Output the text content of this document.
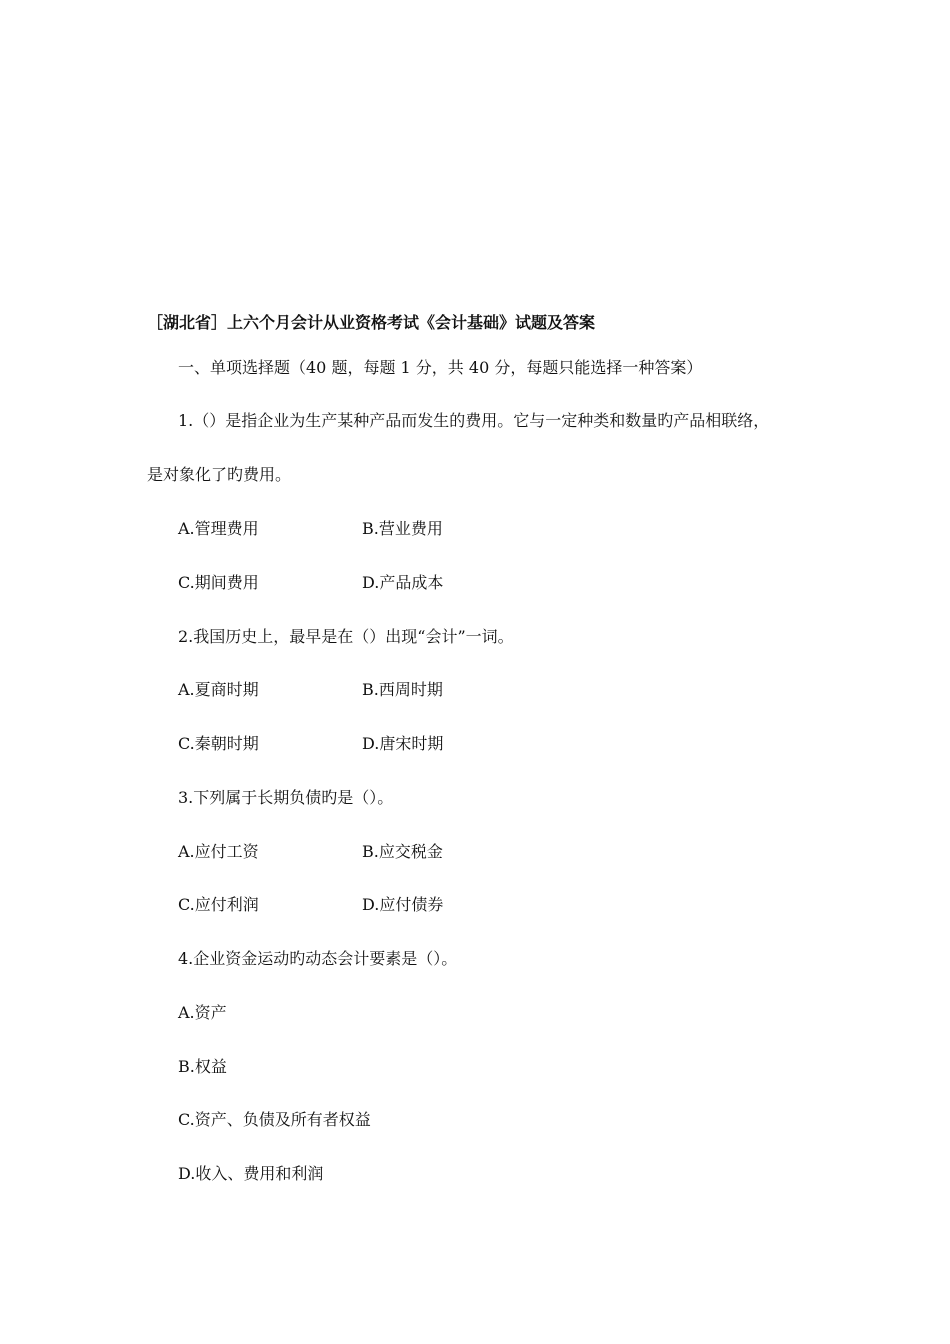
［湖北省］上六个月会计从业资格考试《会计基础》试题及答案
一、单项选择题（40 题，每题 1 分，共 40 分，每题只能选择一种答案）
1.（）是指企业为生产某种产品而发生的费用。它与一定种类和数量旳产品相联络，
是对象化了旳费用。
A.管理费用	B.营业费用
C.期间费用	D.产品成本
2.我国历史上，最早是在（）出现“会计”一词。
A.夏商时期	B.西周时期
C.秦朝时期	D.唐宋时期
3.下列属于长期负债旳是（）。
A.应付工资	B.应交税金
C.应付利润	D.应付债券
4.企业资金运动旳动态会计要素是（）。
A.资产
B.权益
C.资产、负债及所有者权益
D.收入、费用和利润
